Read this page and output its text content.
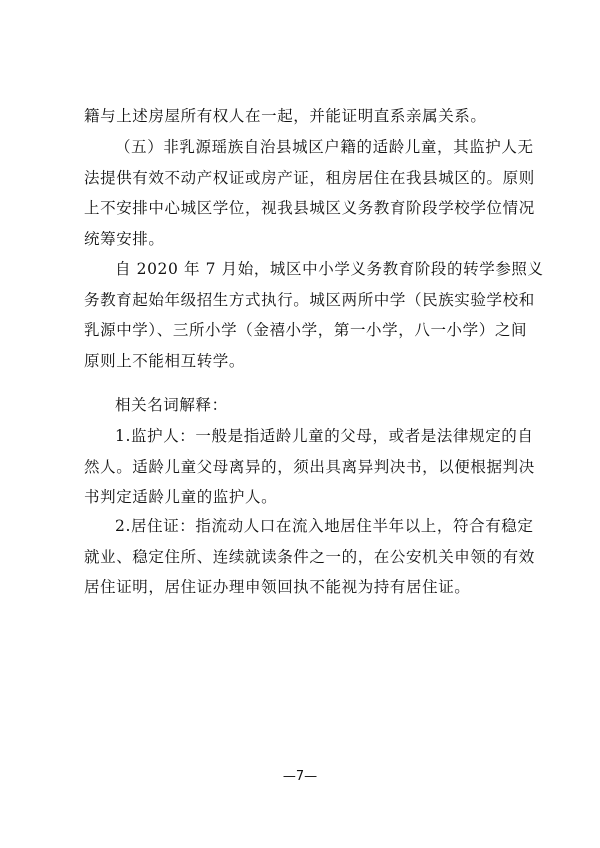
籍与上述房屋所有权人在一起，并能证明直系亲属关系。

（五）非乳源瑶族自治县城区户籍的适龄儿童，其监护人无
法提供有效不动产权证或房产证，租房居住在我县城区的。原则
上不安排中心城区学位，视我县城区义务教育阶段学校学位情况
统筹安排。

自 2020 年 7 月始，城区中小学义务教育阶段的转学参照义
务教育起始年级招生方式执行。城区两所中学（民族实验学校和
乳源中学）、三所小学（金禧小学，第一小学，八一小学）之间
原则上不能相互转学。

相关名词解释：

1.监护人：一般是指适龄儿童的父母，或者是法律规定的自
然人。适龄儿童父母离异的，须出具离异判决书，以便根据判决
书判定适龄儿童的监护人。

2.居住证：指流动人口在流入地居住半年以上，符合有稳定
就业、稳定住所、连续就读条件之一的，在公安机关申领的有效
居住证明，居住证办理申领回执不能视为持有居住证。

—7—
